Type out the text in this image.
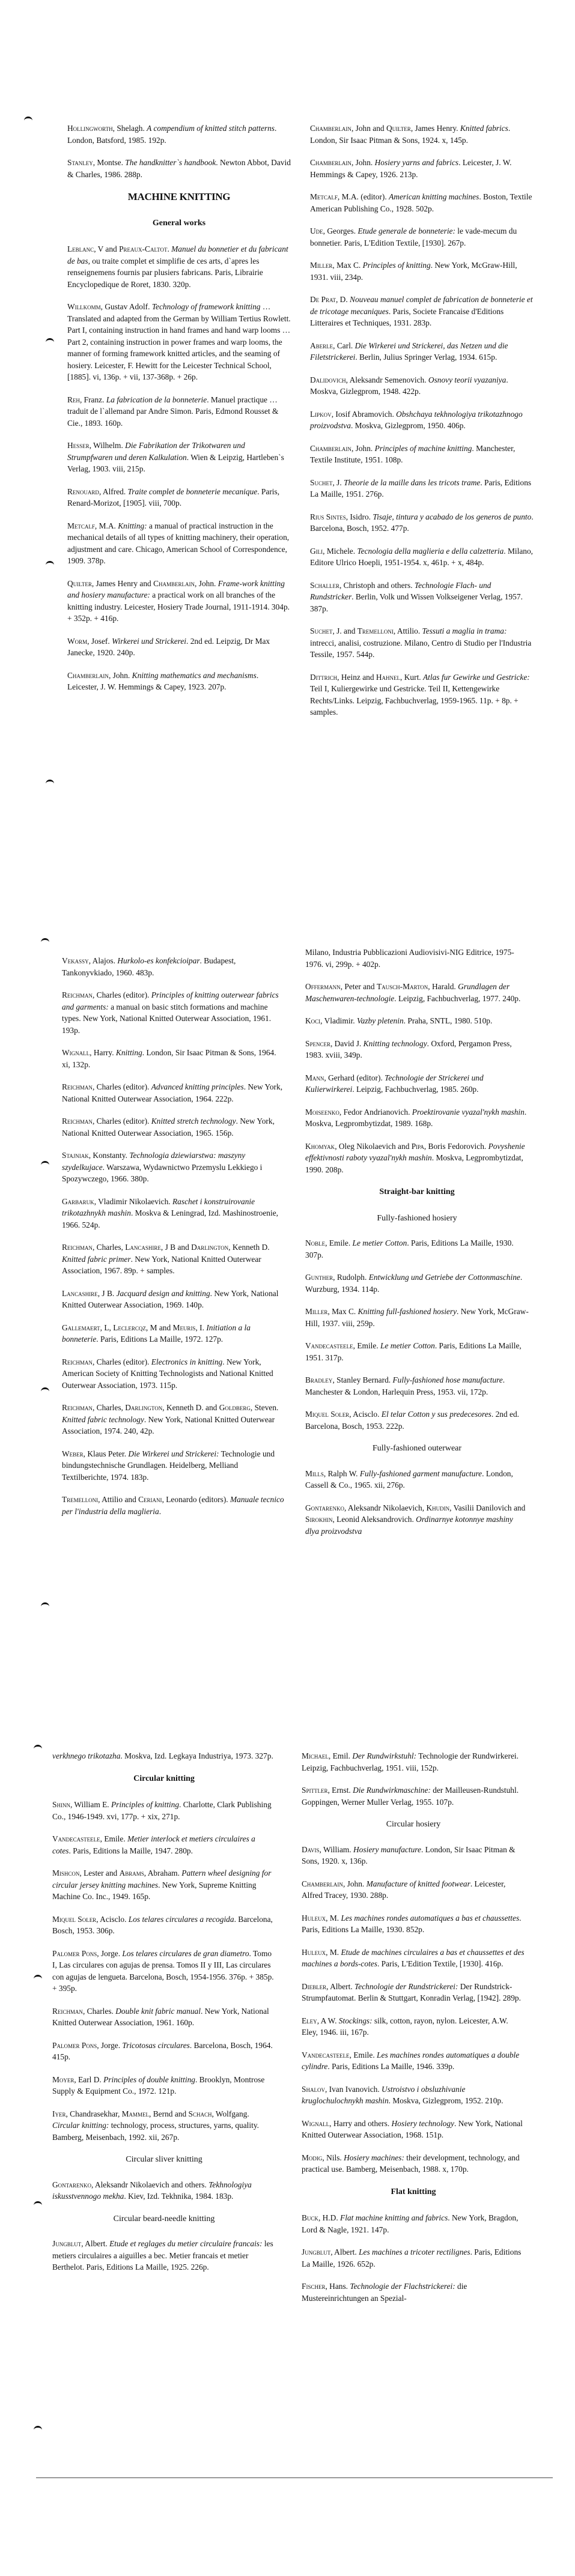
Hollingworth, Shelagh. A compendium of knitted stitch patterns. London, Batsford, 1985. 192p.
Stanley, Montse. The handknitter`s handbook. Newton Abbot, David & Charles, 1986. 288p.
MACHINE KNITTING
General works
Leblanc, V and Preaux-Caltot. Manuel du bonnetier et du fabricant de bas, ou traite complet et simplifie de ces arts, d`apres les renseignemens fournis par plusiers fabricans. Paris, Librairie Encyclopedique de Roret, 1830. 320p.
Willkomm, Gustav Adolf. Technology of framework knitting … Translated and adapted from the German by William Tertius Rowlett. Part I, containing instruction in hand frames and hand warp looms … Part 2, containing instruction in power frames and warp looms, the manner of forming framework knitted articles, and the seaming of hosiery. Leicester, F. Hewitt for the Leicester Technical School, [1885]. vi, 136p. + vii, 137-368p. + 26p.
Reh, Franz. La fabrication de la bonneterie. Manuel practique … traduit de l`allemand par Andre Simon. Paris, Edmond Rousset & Cie., 1893. 160p.
Hesser, Wilhelm. Die Fabrikation der Trikotwaren und Strumpfwaren und deren Kalkulation. Wien & Leipzig, Hartleben`s Verlag, 1903. viii, 215p.
Renouard, Alfred. Traite complet de bonneterie mecanique. Paris, Renard-Morizot, [1905]. viii, 700p.
Metcalf, M.A. Knitting: a manual of practical instruction in the mechanical details of all types of knitting machinery, their operation, adjustment and care. Chicago, American School of Correspondence, 1909. 378p.
Quilter, James Henry and Chamberlain, John. Frame-work knitting and hosiery manufacture: a practical work on all branches of the knitting industry. Leicester, Hosiery Trade Journal, 1911-1914. 304p. + 352p. + 416p.
Worm, Josef. Wirkerei und Strickerei. 2nd ed. Leipzig, Dr Max Janecke, 1920. 240p.
Chamberlain, John. Knitting mathematics and mechanisms. Leicester, J. W. Hemmings & Capey, 1923. 207p.
Chamberlain, John and Quilter, James Henry. Knitted fabrics. London, Sir Isaac Pitman & Sons, 1924. x, 145p.
Chamberlain, John. Hosiery yarns and fabrics. Leicester, J. W. Hemmings & Capey, 1926. 213p.
Metcalf, M.A. (editor). American knitting machines. Boston, Textile American Publishing Co., 1928. 502p.
Ude, Georges. Etude generale de bonneterie: le vade-mecum du bonnetier. Paris, L'Edition Textile, [1930]. 267p.
Miller, Max C. Principles of knitting. New York, McGraw-Hill, 1931. viii, 234p.
De Prat, D. Nouveau manuel complet de fabrication de bonneterie et de tricotage mecaniques. Paris, Societe Francaise d'Editions Litteraires et Techniques, 1931. 283p.
Aberle, Carl. Die Wirkerei und Strickerei, das Netzen und die Filetstrickerei. Berlin, Julius Springer Verlag, 1934. 615p.
Dalidovich, Aleksandr Semenovich. Osnovy teorii vyazaniya. Moskva, Gizlegprom, 1948. 422p.
Lipkov, Iosif Abramovich. Obshchaya tekhnologiya trikotazhnogo proizvodstva. Moskva, Gizlegprom, 1950. 406p.
Chamberlain, John. Principles of machine knitting. Manchester, Textile Institute, 1951. 108p.
Suchet, J. Theorie de la maille dans les tricots trame. Paris, Editions La Maille, 1951. 276p.
Rius Sintes, Isidro. Tisaje, tintura y acabado de los generos de punto. Barcelona, Bosch, 1952. 477p.
Gili, Michele. Tecnologia della maglieria e della calzetteria. Milano, Editore Ulrico Hoepli, 1951-1954. x, 461p. + x, 484p.
Schaller, Christoph and others. Technologie Flach- und Rundstricker. Berlin, Volk und Wissen Volkseigener Verlag, 1957. 387p.
Suchet, J. and Tremelloni, Attilio. Tessuti a maglia in trama: intrecci, analisi, costruzione. Milano, Centro di Studio per l'Industria Tessile, 1957. 544p.
Dittrich, Heinz and Hahnel, Kurt. Atlas fur Gewirke und Gestricke: Teil I, Kuliergewirke und Gestricke. Teil II, Kettengewirke Rechts/Links. Leipzig, Fachbuchverlag, 1959-1965. 11p. + 8p. + samples.
Vekassy, Alajos. Hurkolo-es konfekcioipar. Budapest, Tankonyvkiado, 1960. 483p.
Reichman, Charles (editor). Principles of knitting outerwear fabrics and garments: a manual on basic stitch formations and machine types. New York, National Knitted Outerwear Association, 1961. 193p.
Wignall, Harry. Knitting. London, Sir Isaac Pitman & Sons, 1964. xi, 132p.
Reichman, Charles (editor). Advanced knitting principles. New York, National Knitted Outerwear Association, 1964. 222p.
Reichman, Charles (editor). Knitted stretch technology. New York, National Knitted Outerwear Association, 1965. 156p.
Stajniak, Konstanty. Technologia dziewiarstwa: maszyny szydelkujace. Warszawa, Wydawnictwo Przemyslu Lekkiego i Spozywczego, 1966. 380p.
Garbaruk, Vladimir Nikolaevich. Raschet i konstruirovanie trikotazhnykh mashin. Moskva & Leningrad, Izd. Mashinostroenie, 1966. 524p.
Reichman, Charles, Lancashire, J B and Darlington, Kenneth D. Knitted fabric primer. New York, National Knitted Outerwear Association, 1967. 89p. + samples.
Lancashire, J B. Jacquard design and knitting. New York, National Knitted Outerwear Association, 1969. 140p.
Gallemaert, L, Leclercqz, M and Meuris, I. Initiation a la bonneterie. Paris, Editions La Maille, 1972. 127p.
Reichman, Charles (editor). Electronics in knitting. New York, American Society of Knitting Technologists and National Knitted Outerwear Association, 1973. 115p.
Reichman, Charles, Darlington, Kenneth D. and Goldberg, Steven. Knitted fabric technology. New York, National Knitted Outerwear Association, 1974. 240, 42p.
Weber, Klaus Peter. Die Wirkerei und Strickerei: Technologie und bindungstechnische Grundlagen. Heidelberg, Melliand Textilberichte, 1974. 183p.
Tremelloni, Attilio and Ceriani, Leonardo (editors). Manuale tecnico per l'industria della maglieria.
Milano, Industria Pubblicazioni Audiovisivi-NIG Editrice, 1975-1976. vi, 299p. + 402p.
Offermann, Peter and Tausch-Marton, Harald. Grundlagen der Maschenwaren-technologie. Leipzig, Fachbuchverlag, 1977. 240p.
Koci, Vladimir. Vazby pletenin. Praha, SNTL, 1980. 510p.
Spencer, David J. Knitting technology. Oxford, Pergamon Press, 1983. xviii, 349p.
Mann, Gerhard (editor). Technologie der Strickerei und Kulierwirkerei. Leipzig, Fachbuchverlag, 1985. 260p.
Moiseenko, Fedor Andrianovich. Proektirovanie vyazal'nykh mashin. Moskva, Legprombytizdat, 1989. 168p.
Khomyak, Oleg Nikolaevich and Pipa, Boris Fedorovich. Povyshenie effektivnosti raboty vyazal'nykh mashin. Moskva, Legprombytizdat, 1990. 208p.
Straight-bar knitting
Fully-fashioned hosiery
Noble, Emile. Le metier Cotton. Paris, Editions La Maille, 1930. 307p.
Gunther, Rudolph. Entwicklung und Getriebe der Cottonmaschine. Wurzburg, 1934. 114p.
Miller, Max C. Knitting full-fashioned hosiery. New York, McGraw-Hill, 1937. viii, 259p.
Vandecasteele, Emile. Le metier Cotton. Paris, Editions La Maille, 1951. 317p.
Bradley, Stanley Bernard. Fully-fashioned hose manufacture. Manchester & London, Harlequin Press, 1953. vii, 172p.
Miquel Soler, Acisclo. El telar Cotton y sus predecesores. 2nd ed. Barcelona, Bosch, 1953. 222p.
Fully-fashioned outerwear
Mills, Ralph W. Fully-fashioned garment manufacture. London, Cassell & Co., 1965. xii, 276p.
Gontarenko, Aleksandr Nikolaevich, Khudin, Vasilii Danilovich and Sirokhin, Leonid Aleksandrovich. Ordinarnye kotonnye mashiny dlya proizvodstva
verkhnego trikotazha. Moskva, Izd. Legkaya Industriya, 1973. 327p.
Circular knitting
Shinn, William E. Principles of knitting. Charlotte, Clark Publishing Co., 1946-1949. xvi, 177p. + xix, 271p.
Vandecasteele, Emile. Metier interlock et metiers circulaires a cotes. Paris, Editions la Maille, 1947. 280p.
Mishcon, Lester and Abrams, Abraham. Pattern wheel designing for circular jersey knitting machines. New York, Supreme Knitting Machine Co. Inc., 1949. 165p.
Miquel Soler, Acisclo. Los telares circulares a recogida. Barcelona, Bosch, 1953. 306p.
Palomer Pons, Jorge. Los telares circulares de gran diametro. Tomo I, Las circulares con agujas de prensa. Tomos II y III, Las circulares con agujas de lengueta. Barcelona, Bosch, 1954-1956. 376p. + 385p. + 395p.
Reichman, Charles. Double knit fabric manual. New York, National Knitted Outerwear Association, 1961. 160p.
Palomer Pons, Jorge. Tricotosas circulares. Barcelona, Bosch, 1964. 415p.
Moyer, Earl D. Principles of double knitting. Brooklyn, Montrose Supply & Equipment Co., 1972. 121p.
Iyer, Chandrasekhar, Mammel, Bernd and Schach, Wolfgang. Circular knitting: technology, process, structures, yarns, quality. Bamberg, Meisenbach, 1992. xii, 267p.
Circular sliver knitting
Gontarenko, Aleksandr Nikolaevich and others. Tekhnologiya iskusstvennogo mekha. Kiev, Izd. Tekhnika, 1984. 183p.
Circular beard-needle knitting
Jungblut, Albert. Etude et reglages du metier circulaire francais: les metiers circulaires a aiguilles a bec. Metier francais et metier Berthelot. Paris, Editions La Maille, 1925. 226p.
Michael, Emil. Der Rundwirkstuhl: Technologie der Rundwirkerei. Leipzig, Fachbuchverlag, 1951. viii, 152p.
Spittler, Ernst. Die Rundwirkmaschine: der Mailleusen-Rundstuhl. Goppingen, Werner Muller Verlag, 1955. 107p.
Circular hosiery
Davis, William. Hosiery manufacture. London, Sir Isaac Pitman & Sons, 1920. x, 136p.
Chamberlain, John. Manufacture of knitted footwear. Leicester, Alfred Tracey, 1930. 288p.
Huleux, M. Les machines rondes automatiques a bas et chaussettes. Paris, Editions La Maille, 1930. 852p.
Huleux, M. Etude de machines circulaires a bas et chaussettes et des machines a bords-cotes. Paris, L'Edition Textile, [1930]. 416p.
Diebler, Albert. Technologie der Rundstrickerei: Der Rundstrick-Strumpfautomat. Berlin & Stuttgart, Konradin Verlag, [1942]. 289p.
Eley, A W. Stockings: silk, cotton, rayon, nylon. Leicester, A.W. Eley, 1946. iii, 167p.
Vandecasteele, Emile. Les machines rondes automatiques a double cylindre. Paris, Editions La Maille, 1946. 339p.
Shalov, Ivan Ivanovich. Ustroistvo i obsluzhivanie kruglochulochnykh mashin. Moskva, Gizlegprom, 1952. 210p.
Wignall, Harry and others. Hosiery technology. New York, National Knitted Outerwear Association, 1968. 151p.
Modig, Nils. Hosiery machines: their development, technology, and practical use. Bamberg, Meisenbach, 1988. x, 170p.
Flat knitting
Buck, H.D. Flat machine knitting and fabrics. New York, Bragdon, Lord & Nagle, 1921. 147p.
Jungblut, Albert. Les machines a tricoter rectilignes. Paris, Editions La Maille, 1926. 652p.
Fischer, Hans. Technologie der Flachstrickerei: die Mustereinrichtungen an Spezial-
